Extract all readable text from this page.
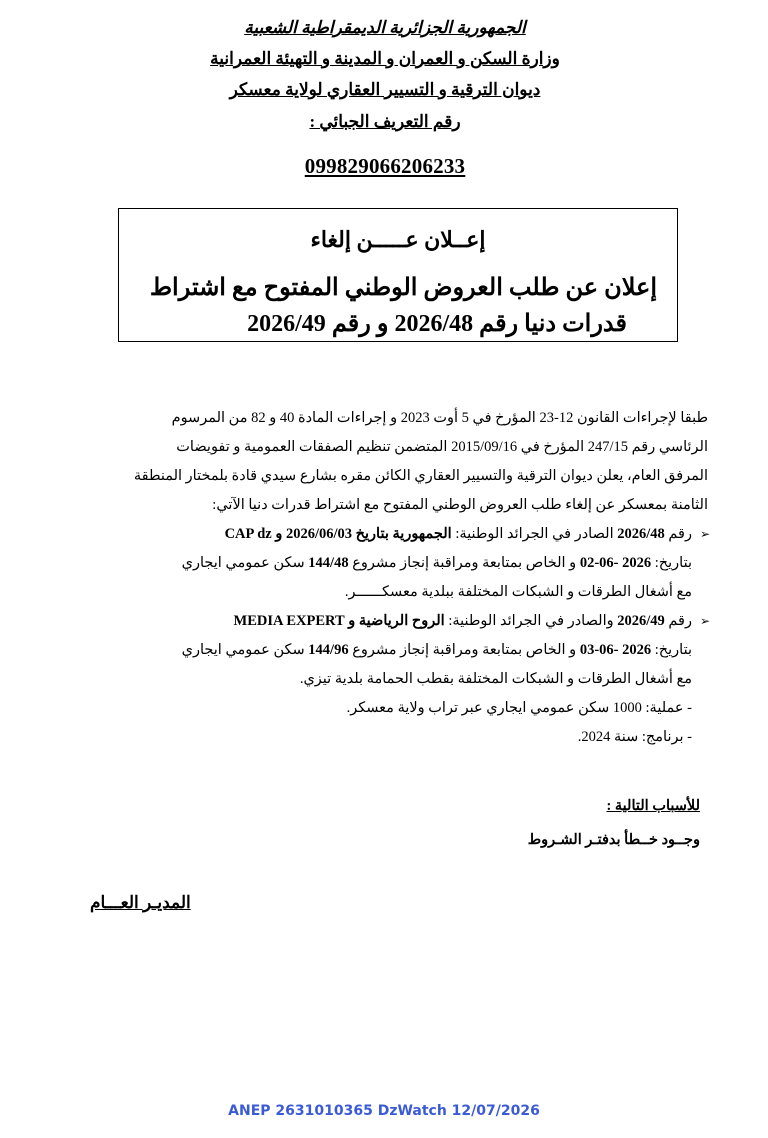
الجمهورية الجزائرية الديمقراطية الشعبية
وزارة السكن و العمران و المدينة و التهيئة العمرانية
ديوان الترقية و التسيير العقاري لولاية معسكر
رقم التعريف الجبائي :
099829066206233
إعــلان عـــــن إلغاء
إعلان عن طلب العروض الوطني المفتوح مع اشتراط
قدرات دنيا رقم 2026/48 و رقم 2026/49
طبقا لإجراءات القانون 12-23 المؤرخ في 5 أوت 2023 و إجراءات المادة 40 و 82 من المرسوم
الرئاسي رقم 247/15 المؤرخ في 2015/09/16 المتضمن تنظيم الصفقات العمومية و تفويضات
المرفق العام، يعلن ديوان الترقية والتسيير العقاري الكائن مقره بشارع سيدي قادة بلمختار المنطقة
الثامنة بمعسكر عن إلغاء طلب العروض الوطني المفتوح مع اشتراط قدرات دنيا الآتي:
➢
رقم 2026/48 الصادر في الجرائد الوطنية: الجمهورية بتاريخ 2026/06/03 و CAP dz
بتاريخ: 02-06- 2026 و الخاص بمتابعة ومراقبة إنجاز مشروع 144/48 سكن عمومي ايجاري
مع أشغال الطرقات و الشبكات المختلفة ببلدية معسكــــــر.
➢
رقم 2026/49 والصادر في الجرائد الوطنية: الروح الرياضية و MEDIA EXPERT
بتاريخ: 03-06- 2026 و الخاص بمتابعة ومراقبة إنجاز مشروع 144/96 سكن عمومي ايجاري
مع أشغال الطرقات و الشبكات المختلفة بقطب الحمامة بلدية تيزي.
- عملية: 1000 سكن عمومي ايجاري عبر تراب ولاية معسكر.
- برنامج: سنة 2024.
للأسباب التالية :
وجــود خــطأ بدفتـر الشـروط
المديـر العـــام
ANEP 2631010365 DzWatch 12/07/2026
